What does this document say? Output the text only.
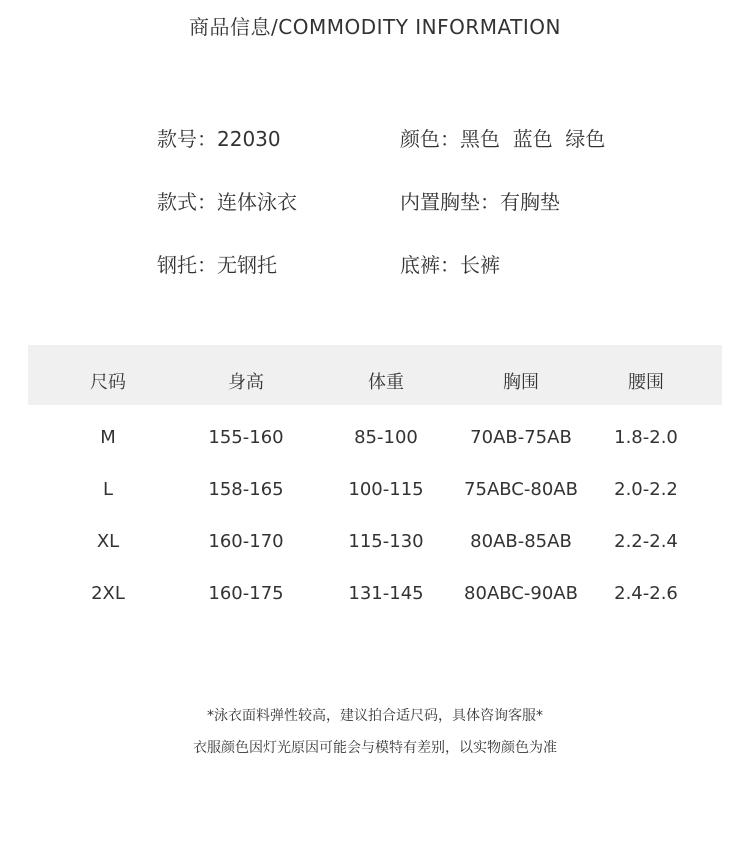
商品信息/COMMODITY INFORMATION
款号：22030	颜色：黑色  蓝色  绿色
款式：连体泳衣	内置胸垫：有胸垫
钢托：无钢托	底裤：长裤
尺码	身高	体重	胸围	腰围
M	155-160	85-100	70AB-75AB	1.8-2.0
L	158-165	100-115	75ABC-80AB	2.0-2.2
XL	160-170	115-130	80AB-85AB	2.2-2.4
2XL	160-175	131-145	80ABC-90AB	2.4-2.6
*泳衣面料弹性较高，建议拍合适尺码，具体咨询客服*
衣服颜色因灯光原因可能会与模特有差别，以实物颜色为准
